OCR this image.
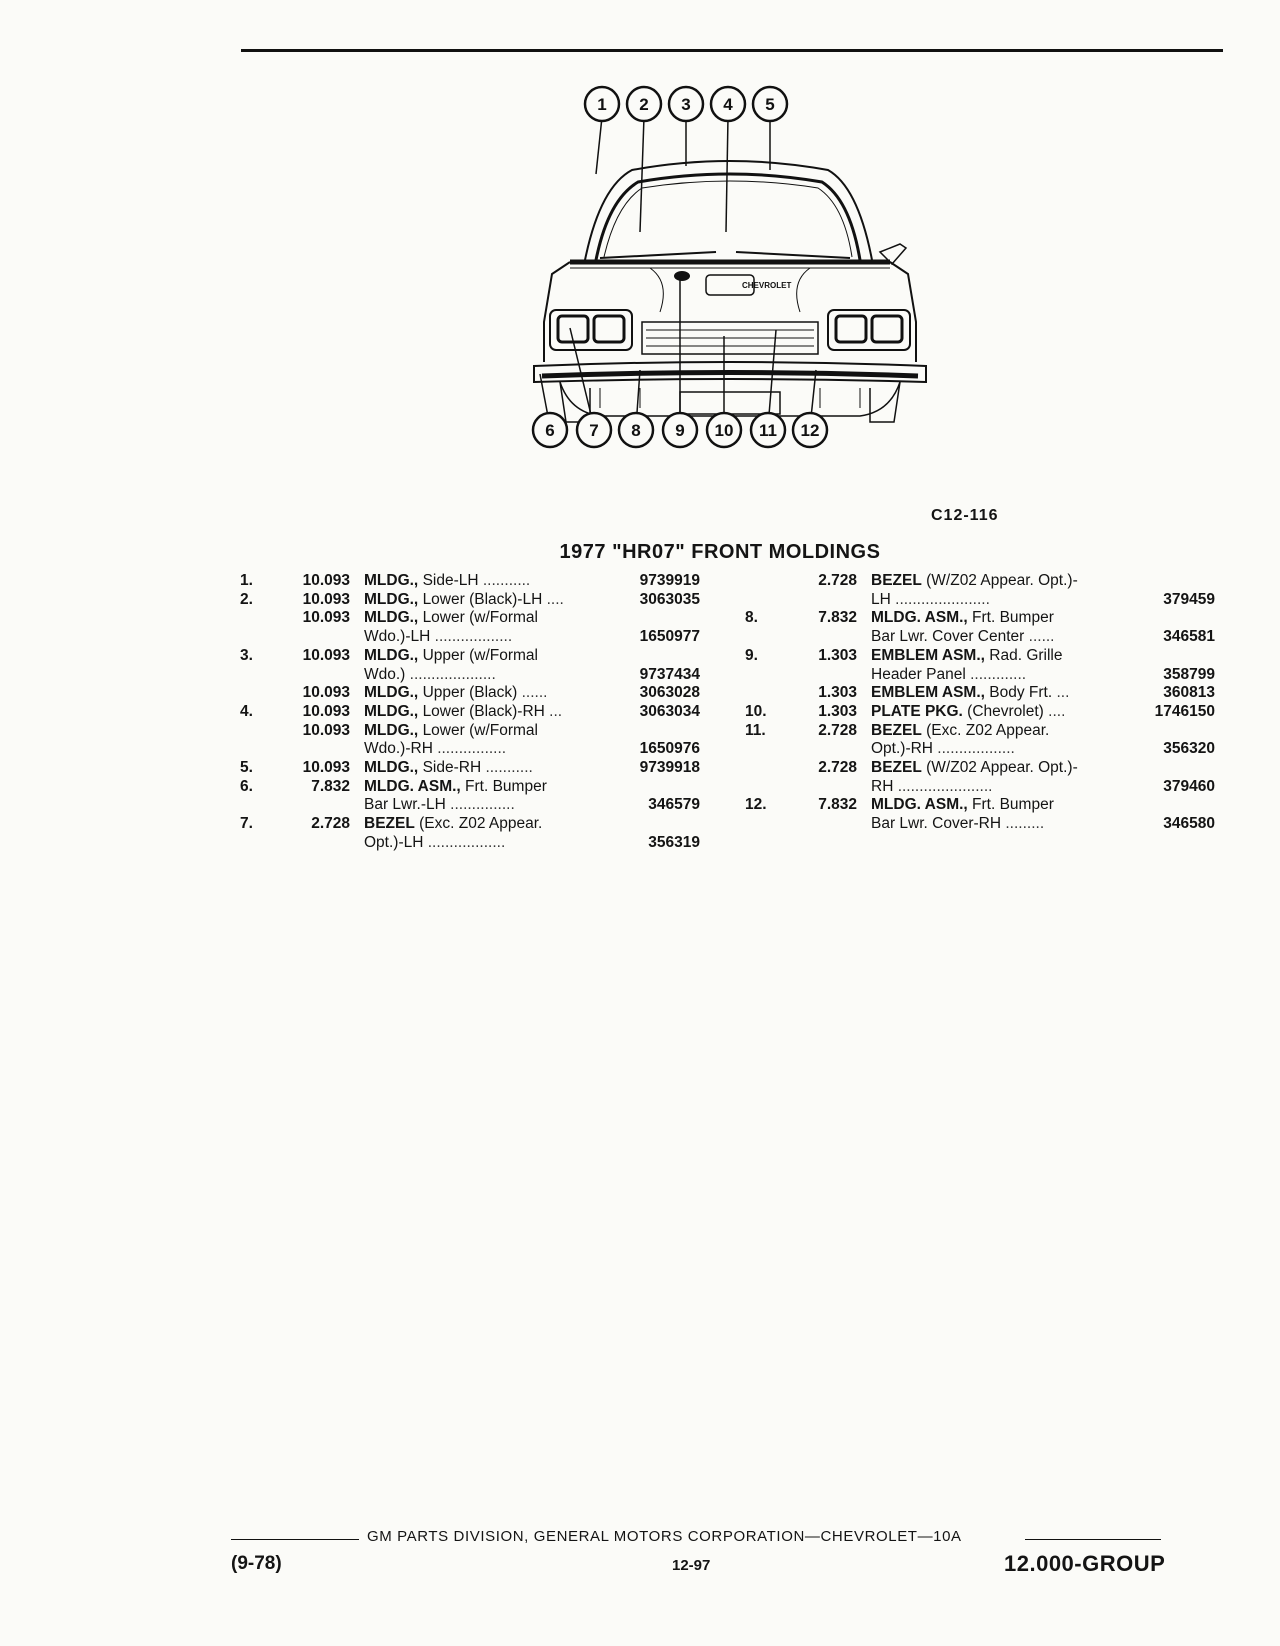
CHEVROLET
1 2 3 4 5
6 7 8 9 10 11 12
C12-116
1977 "HR07" FRONT MOLDINGS
1.	10.093 MLDG., Side-LH ...........	9739919
2.	10.093 MLDG., Lower (Black)-LH ....	3063035
10.093 MLDG., Lower (w/Formal
Wdo.)-LH ..................	1650977
3.	10.093 MLDG., Upper (w/Formal
Wdo.) ....................	9737434
10.093 MLDG., Upper (Black) ......	3063028
4.	10.093 MLDG., Lower (Black)-RH ...	3063034
10.093 MLDG., Lower (w/Formal
Wdo.)-RH ................	1650976
5.	10.093 MLDG., Side-RH ...........	9739918
6.	7.832 MLDG. ASM., Frt. Bumper
Bar Lwr.-LH ...............	346579
7.	2.728 BEZEL (Exc. Z02 Appear.
Opt.)-LH ..................	356319
2.728 BEZEL (W/Z02 Appear. Opt.)-
LH ......................	379459
8.	7.832 MLDG. ASM., Frt. Bumper
Bar Lwr. Cover Center ......	346581
9.	1.303 EMBLEM ASM., Rad. Grille
Header Panel .............	358799
1.303 EMBLEM ASM., Body Frt. ...	360813
10.	1.303 PLATE PKG. (Chevrolet) ....	1746150
11.	2.728 BEZEL (Exc. Z02 Appear.
Opt.)-RH ..................	356320
2.728 BEZEL (W/Z02 Appear. Opt.)-
RH ......................	379460
12.	7.832 MLDG. ASM., Frt. Bumper
Bar Lwr. Cover-RH .........	346580
GM PARTS DIVISION, GENERAL MOTORS CORPORATION—CHEVROLET—10A
(9-78)	12-97	12.000-GROUP
